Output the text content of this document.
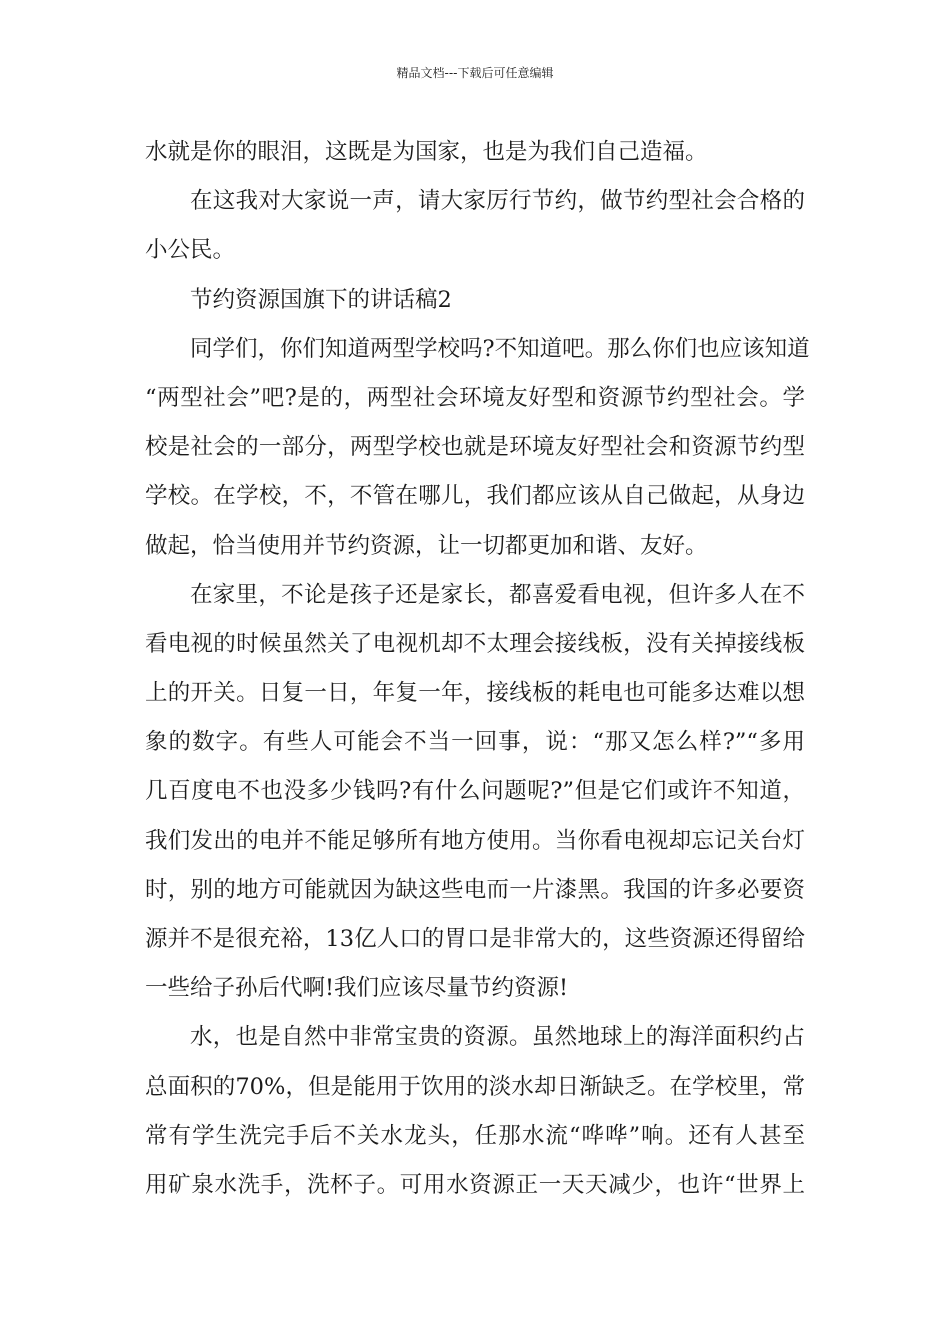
精品文档---下载后可任意编辑
水就是你的眼泪，这既是为国家，也是为我们自己造福。
在这我对大家说一声，请大家厉行节约，做节约型社会合格的
小公民。
节约资源国旗下的讲话稿2
同学们，你们知道两型学校吗?不知道吧。那么你们也应该知道
“两型社会”吧?是的，两型社会环境友好型和资源节约型社会。学
校是社会的一部分，两型学校也就是环境友好型社会和资源节约型
学校。在学校，不，不管在哪儿，我们都应该从自己做起，从身边
做起，恰当使用并节约资源，让一切都更加和谐、友好。
在家里，不论是孩子还是家长，都喜爱看电视，但许多人在不
看电视的时候虽然关了电视机却不太理会接线板，没有关掉接线板
上的开关。日复一日，年复一年，接线板的耗电也可能多达难以想
象的数字。有些人可能会不当一回事，说：“那又怎么样?”“多用
几百度电不也没多少钱吗?有什么问题呢?”但是它们或许不知道，
我们发出的电并不能足够所有地方使用。当你看电视却忘记关台灯
时，别的地方可能就因为缺这些电而一片漆黑。我国的许多必要资
源并不是很充裕，13亿人口的胃口是非常大的，这些资源还得留给
一些给子孙后代啊!我们应该尽量节约资源!
水，也是自然中非常宝贵的资源。虽然地球上的海洋面积约占
总面积的70%，但是能用于饮用的淡水却日渐缺乏。在学校里，常
常有学生洗完手后不关水龙头，任那水流“哗哗”响。还有人甚至
用矿泉水洗手，洗杯子。可用水资源正一天天减少，也许“世界上
